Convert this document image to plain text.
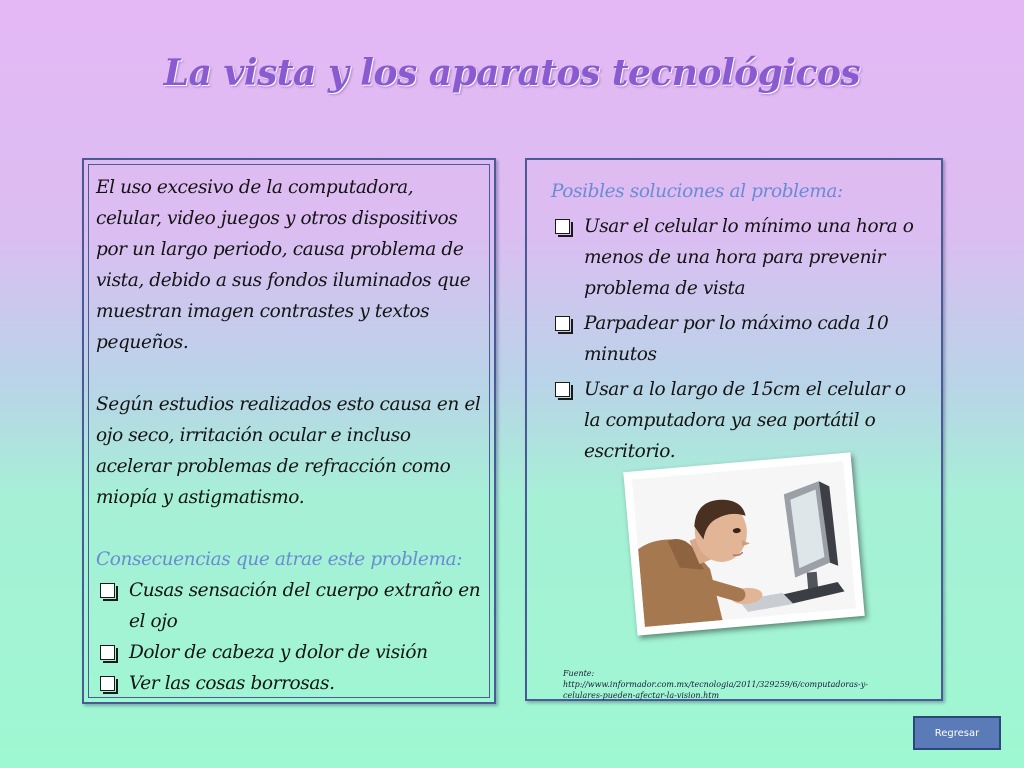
La vista y los aparatos tecnológicos

El uso excesivo de la computadora, celular, video juegos y otros dispositivos por un largo periodo, causa problema de vista, debido a sus fondos iluminados que muestran imagen contrastes y textos pequeños.

Según estudios realizados esto causa en el ojo seco, irritación ocular e incluso acelerar problemas de refracción como miopía y astigmatismo.

Consecuencias que atrae este problema:

Cusas sensación del cuerpo extraño en el ojo
Dolor de cabeza y dolor de visión
Ver las cosas borrosas.

Posibles soluciones al problema:

Usar el celular lo mínimo una hora o menos de una hora para prevenir problema de vista
Parpadear por lo máximo cada 10 minutos
Usar a lo largo de 15cm el celular o la computadora ya sea portátil o escritorio.
Fuente: http://www.informador.com.mx/tecnologia/2011/329259/6/computadoras-y-celulares-pueden-afectar-la-vision.htm
Regresar
